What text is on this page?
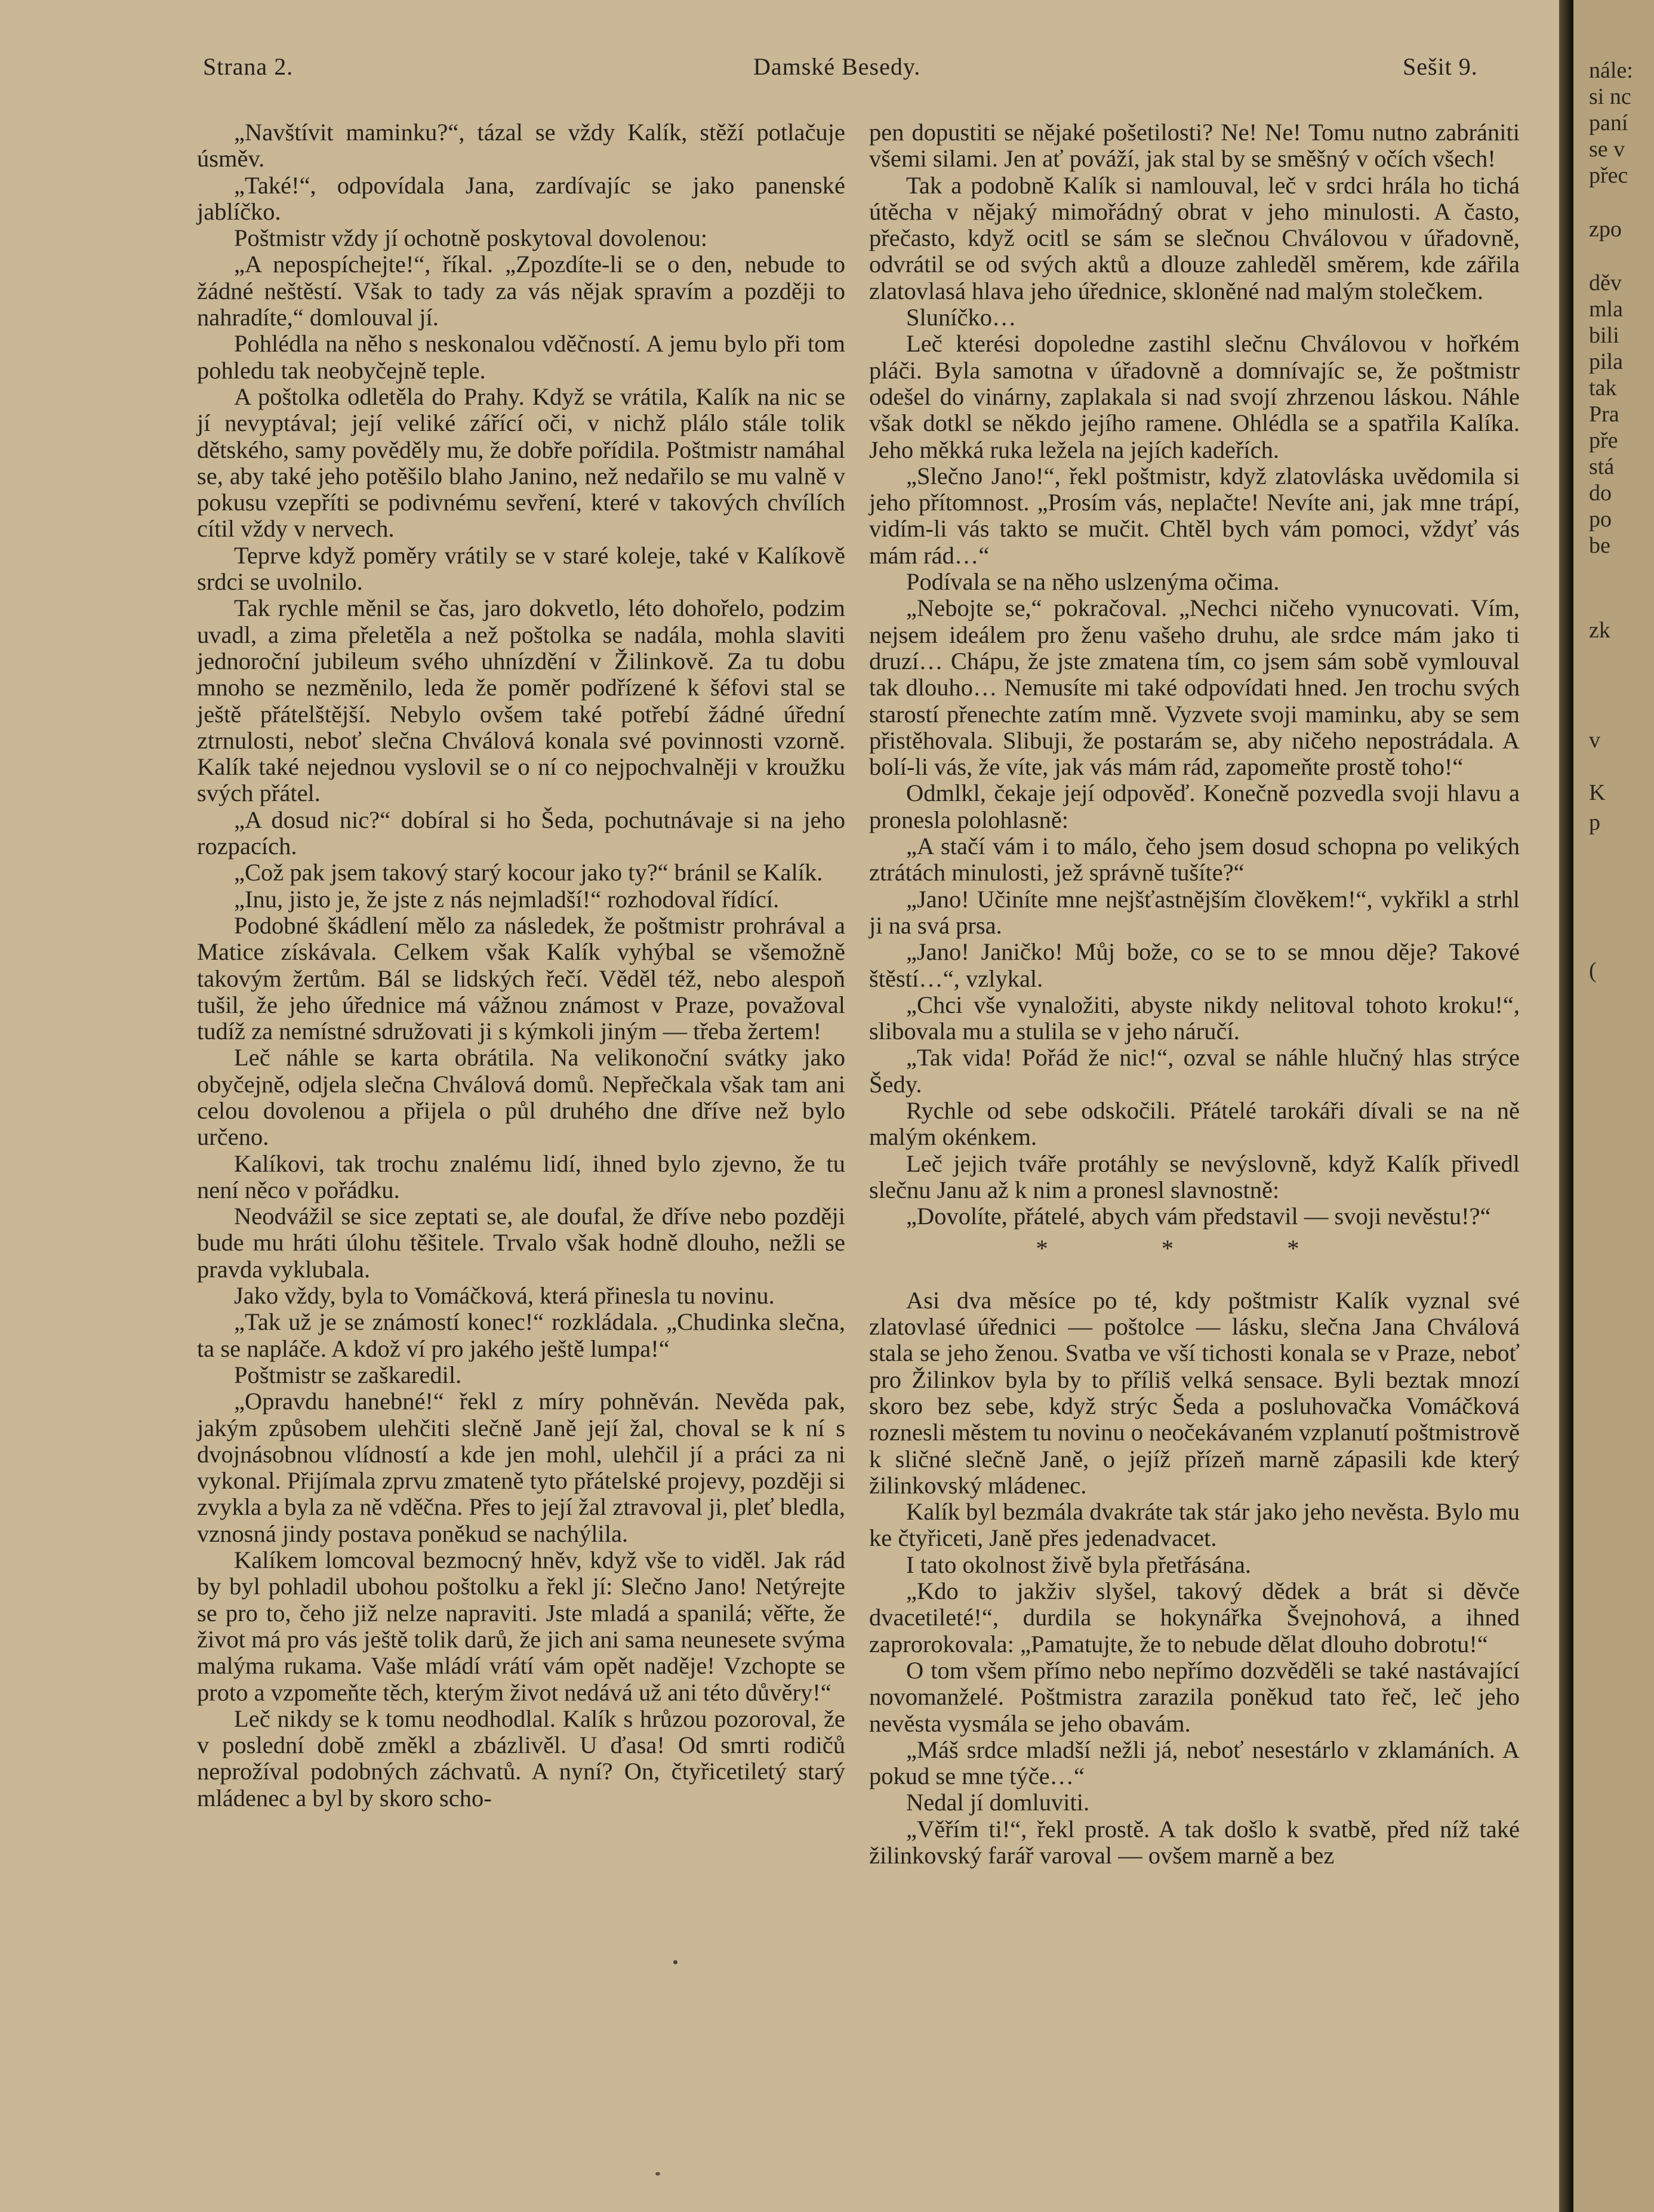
Strana 2.	Damské Besedy.	Sešit 9.

„Navštívit maminku?“, tázal se vždy Kalík, stěží potlačuje úsměv.

„Také!“, odpovídala Jana, zardívajíc se jako panenské jablíčko.

Poštmistr vždy jí ochotně poskytoval dovolenou:

„A nepospíchejte!“, říkal. „Zpozdíte-li se o den, nebude to žádné neštěstí. Však to tady za vás nějak spravím a později to nahradíte,“ domlouval jí.

Pohlédla na něho s neskonalou vděčností. A jemu bylo při tom pohledu tak neobyčejně teple.

A poštolka odletěla do Prahy. Když se vrátila, Kalík na nic se jí nevyptával; její veliké zářící oči, v nichž plálo stále tolik dětského, samy pověděly mu, že dobře pořídila. Poštmistr namáhal se, aby také jeho potěšilo blaho Janino, než nedařilo se mu valně v pokusu vzepříti se podivnému sevření, které v takových chvílích cítil vždy v nervech.

Teprve když poměry vrátily se v staré koleje, také v Kalíkově srdci se uvolnilo.

Tak rychle měnil se čas, jaro dokvetlo, léto dohořelo, podzim uvadl, a zima přeletěla a než poštolka se nadála, mohla slaviti jednoroční jubileum svého uhnízdění v Žilinkově. Za tu dobu mnoho se nezměnilo, leda že poměr podřízené k šéfovi stal se ještě přátelštější. Nebylo ovšem také potřebí žádné úřední ztrnulosti, neboť slečna Chválová konala své povinnosti vzorně. Kalík také nejednou vyslovil se o ní co nejpochvalněji v kroužku svých přátel.

„A dosud nic?“ dobíral si ho Šeda, pochutnávaje si na jeho rozpacích.

„Což pak jsem takový starý kocour jako ty?“ bránil se Kalík.

„Inu, jisto je, že jste z nás nejmladší!“ rozhodoval řídící.

Podobné škádlení mělo za následek, že poštmistr prohrával a Matice získávala. Celkem však Kalík vyhýbal se všemožně takovým žertům. Bál se lidských řečí. Věděl též, nebo alespoň tušil, že jeho úřednice má vážnou známost v Praze, považoval tudíž za nemístné sdružovati ji s kýmkoli jiným — třeba žertem!

Leč náhle se karta obrátila. Na velikonoční svátky jako obyčejně, odjela slečna Chválová domů. Nepřečkala však tam ani celou dovolenou a přijela o půl druhého dne dříve než bylo určeno.

Kalíkovi, tak trochu znalému lidí, ihned bylo zjevno, že tu není něco v pořádku.

Neodvážil se sice zeptati se, ale doufal, že dříve nebo později bude mu hráti úlohu těšitele. Trvalo však hodně dlouho, nežli se pravda vyklubala.

Jako vždy, byla to Vomáčková, která přinesla tu novinu.

„Tak už je se známostí konec!“ rozkládala. „Chudinka slečna, ta se napláče. A kdož ví pro jakého ještě lumpa!“

Poštmistr se zaškaredil.

„Opravdu hanebné!“ řekl z míry pohněván. Nevěda pak, jakým způsobem ulehčiti slečně Janě její žal, choval se k ní s dvojnásobnou vlídností a kde jen mohl, ulehčil jí a práci za ni vykonal. Přijímala zprvu zmateně tyto přátelské projevy, později si zvykla a byla za ně vděčna. Přes to její žal ztravoval ji, pleť bledla, vznosná jindy postava poněkud se nachýlila.

Kalíkem lomcoval bezmocný hněv, když vše to viděl. Jak rád by byl pohladil ubohou poštolku a řekl jí: Slečno Jano! Netýrejte se pro to, čeho již nelze napraviti. Jste mladá a spanilá; věřte, že život má pro vás ještě tolik darů, že jich ani sama neunesete svýma malýma rukama. Vaše mládí vrátí vám opět naděje! Vzchopte se proto a vzpomeňte těch, kterým život nedává už ani této důvěry!“

Leč nikdy se k tomu neodhodlal. Kalík s hrůzou pozoroval, že v poslední době změkl a zbázlivěl. U ďasa! Od smrti rodičů neprožíval podobných záchvatů. A nyní? On, čtyřicetiletý starý mládenec a byl by skoro scho-

pen dopustiti se nějaké pošetilosti? Ne! Ne! Tomu nutno zabrániti všemi silami. Jen ať pováží, jak stal by se směšný v očích všech!

Tak a podobně Kalík si namlouval, leč v srdci hrála ho tichá útěcha v nějaký mimořádný obrat v jeho minulosti. A často, přečasto, když ocitl se sám se slečnou Chválovou v úřadovně, odvrátil se od svých aktů a dlouze zahleděl směrem, kde zářila zlatovlasá hlava jeho úřednice, skloněné nad malým stolečkem.

Sluníčko…

Leč kterési dopoledne zastihl slečnu Chválovou v hořkém pláči. Byla samotna v úřadovně a domnívajíc se, že poštmistr odešel do vinárny, zaplakala si nad svojí zhrzenou láskou. Náhle však dotkl se někdo jejího ramene. Ohlédla se a spatřila Kalíka. Jeho měkká ruka ležela na jejích kadeřích.

„Slečno Jano!“, řekl poštmistr, když zlatovláska uvědomila si jeho přítomnost. „Prosím vás, neplačte! Nevíte ani, jak mne trápí, vidím-li vás takto se mučit. Chtěl bych vám pomoci, vždyť vás mám rád…“

Podívala se na něho uslzenýma očima.

„Nebojte se,“ pokračoval. „Nechci ničeho vynucovati. Vím, nejsem ideálem pro ženu vašeho druhu, ale srdce mám jako ti druzí… Chápu, že jste zmatena tím, co jsem sám sobě vymlouval tak dlouho… Nemusíte mi také odpovídati hned. Jen trochu svých starostí přenechte zatím mně. Vyzvete svoji maminku, aby se sem přistěhovala. Slibuji, že postarám se, aby ničeho nepostrádala. A bolí-li vás, že víte, jak vás mám rád, zapomeňte prostě toho!“

Odmlkl, čekaje její odpověď. Konečně pozvedla svoji hlavu a pronesla polohlasně:

„A stačí vám i to málo, čeho jsem dosud schopna po velikých ztrátách minulosti, jež správně tušíte?“

„Jano! Učiníte mne nejšťastnějším člověkem!“, vykřikl a strhl ji na svá prsa.

„Jano! Janičko! Můj bože, co se to se mnou děje? Takové štěstí…“, vzlykal.

„Chci vše vynaložiti, abyste nikdy nelitoval tohoto kroku!“, slibovala mu a stulila se v jeho náručí.

„Tak vida! Pořád že nic!“, ozval se náhle hlučný hlas strýce Šedy.

Rychle od sebe odskočili. Přátelé tarokáři dívali se na ně malým okénkem.

Leč jejich tváře protáhly se nevýslovně, když Kalík přivedl slečnu Janu až k nim a pronesl slavnostně:

„Dovolíte, přátelé, abych vám představil — svoji nevěstu!?“

* * *

Asi dva měsíce po té, kdy poštmistr Kalík vyznal své zlatovlasé úřednici — poštolce — lásku, slečna Jana Chválová stala se jeho ženou. Svatba ve vší tichosti konala se v Praze, neboť pro Žilinkov byla by to příliš velká sensace. Byli beztak mnozí skoro bez sebe, když strýc Šeda a posluhovačka Vomáčková roznesli městem tu novinu o neočekávaném vzplanutí poštmistrově k sličné slečně Janě, o jejíž přízeň marně zápasili kde který žilinkovský mládenec.

Kalík byl bezmála dvakráte tak stár jako jeho nevěsta. Bylo mu ke čtyřiceti, Janě přes jedenadvacet.

I tato okolnost živě byla přetřásána.

„Kdo to jakživ slyšel, takový dědek a brát si děvče dvacetileté!“, durdila se hokynářka Švejnohová, a ihned zaprorokovala: „Pamatujte, že to nebude dělat dlouho dobrotu!“

O tom všem přímo nebo nepřímo dozvěděli se také nastávající novomanželé. Poštmistra zarazila poněkud tato řeč, leč jeho nevěsta vysmála se jeho obavám.

„Máš srdce mladší nežli já, neboť nesestárlo v zklamáních. A pokud se mne týče…“

Nedal jí domluviti.

„Věřím ti!“, řekl prostě. A tak došlo k svatbě, před níž také žilinkovský farář varoval — ovšem marně a bez

nále:
si nc
paní
se v
přec
zpo
děv
mla
bili
pila
tak
Pra
pře
stá
do
po
be
zk
v
K
p
(
